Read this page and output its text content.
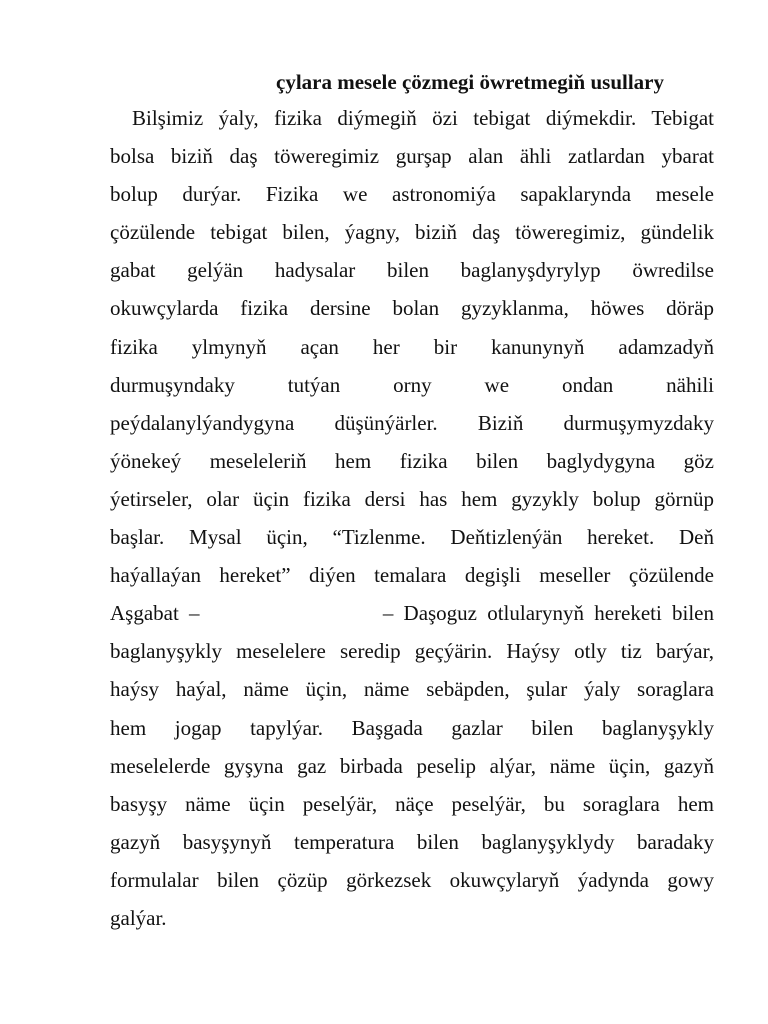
çylara mesele çözmegi öwretmegiň usullary
Bilşimiz ýaly, fizika diýmegiň özi tebigat diýmekdir. Tebigat
bolsa biziň daş töweregimiz gurşap alan ähli zatlardan ybarat
bolup durýar. Fizika we astronomiýa sapaklarynda mesele
çözülende tebigat bilen, ýagny, biziň daş töweregimiz, gündelik
gabat gelýän hadysalar bilen baglanyşdyrylyp öwredilse
okuwçylarda fizika dersine bolan gyzyklanma, höwes döräp
fizika ylmynyň açan her bir kanunynyň adamzadyň
durmuşyndaky tutýan orny we ondan nähili
peýdalanylýandygyna düşünýärler. Biziň durmuşymyzdaky
ýönekeý meseleleriň hem fizika bilen baglydygyna göz
ýetirseler, olar üçin fizika dersi has hem gyzykly bolup görnüp
başlar. Mysal üçin, “Tizlenme. Deňtizlenýän hereket. Deň
haýallaýan hereket” diýen temalara degişli meseller çözülende
Aşgabat –                  – Daşoguz otlularynyň hereketi bilen
baglanyşykly meselelere seredip geçýärin. Haýsy otly tiz barýar,
haýsy haýal, näme üçin, näme sebäpden, şular ýaly soraglara
hem jogap tapylýar. Başgada gazlar bilen baglanyşykly
meselelerde gyşyna gaz birbada peselip alýar, näme üçin, gazyň
basyşy näme üçin peselýär, näçe peselýär, bu soraglara hem
gazyň basyşynyň temperatura bilen baglanyşyklydy baradaky
formulalar bilen çözüp görkezsek okuwçylaryň ýadynda gowy
galýar.
